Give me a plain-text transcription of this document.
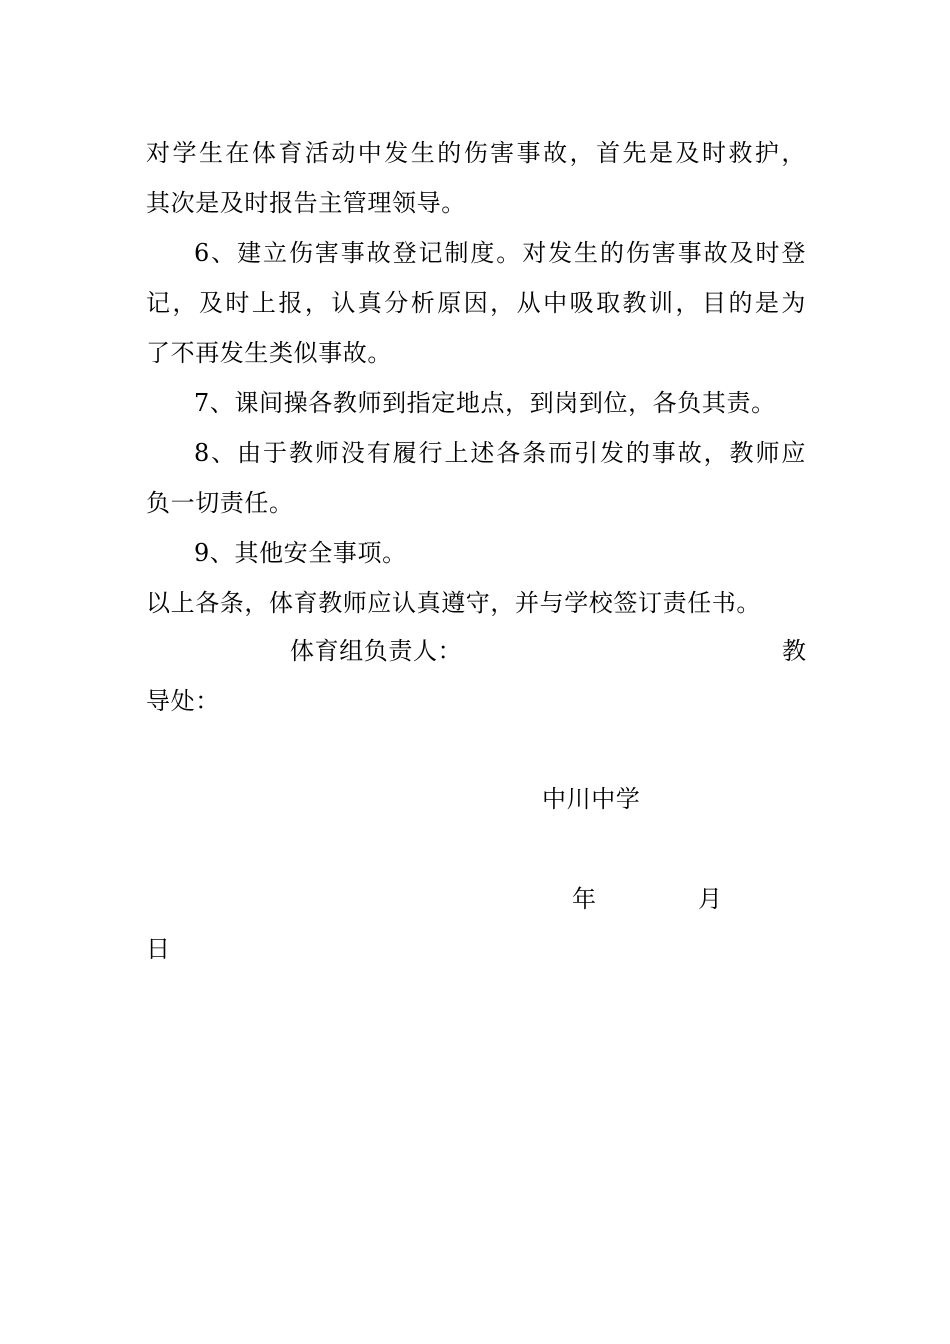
对学生在体育活动中发生的伤害事故，首先是及时救护，
其次是及时报告主管理领导。
6、建立伤害事故登记制度。对发生的伤害事故及时登
记，及时上报，认真分析原因，从中吸取教训，目的是为
了不再发生类似事故。
7、课间操各教师到指定地点，到岗到位，各负其责。
8、由于教师没有履行上述各条而引发的事故，教师应
负一切责任。
9、其他安全事项。
以上各条，体育教师应认真遵守，并与学校签订责任书。
体育组负责人：	教
导处：
中川中学
年	月
日
